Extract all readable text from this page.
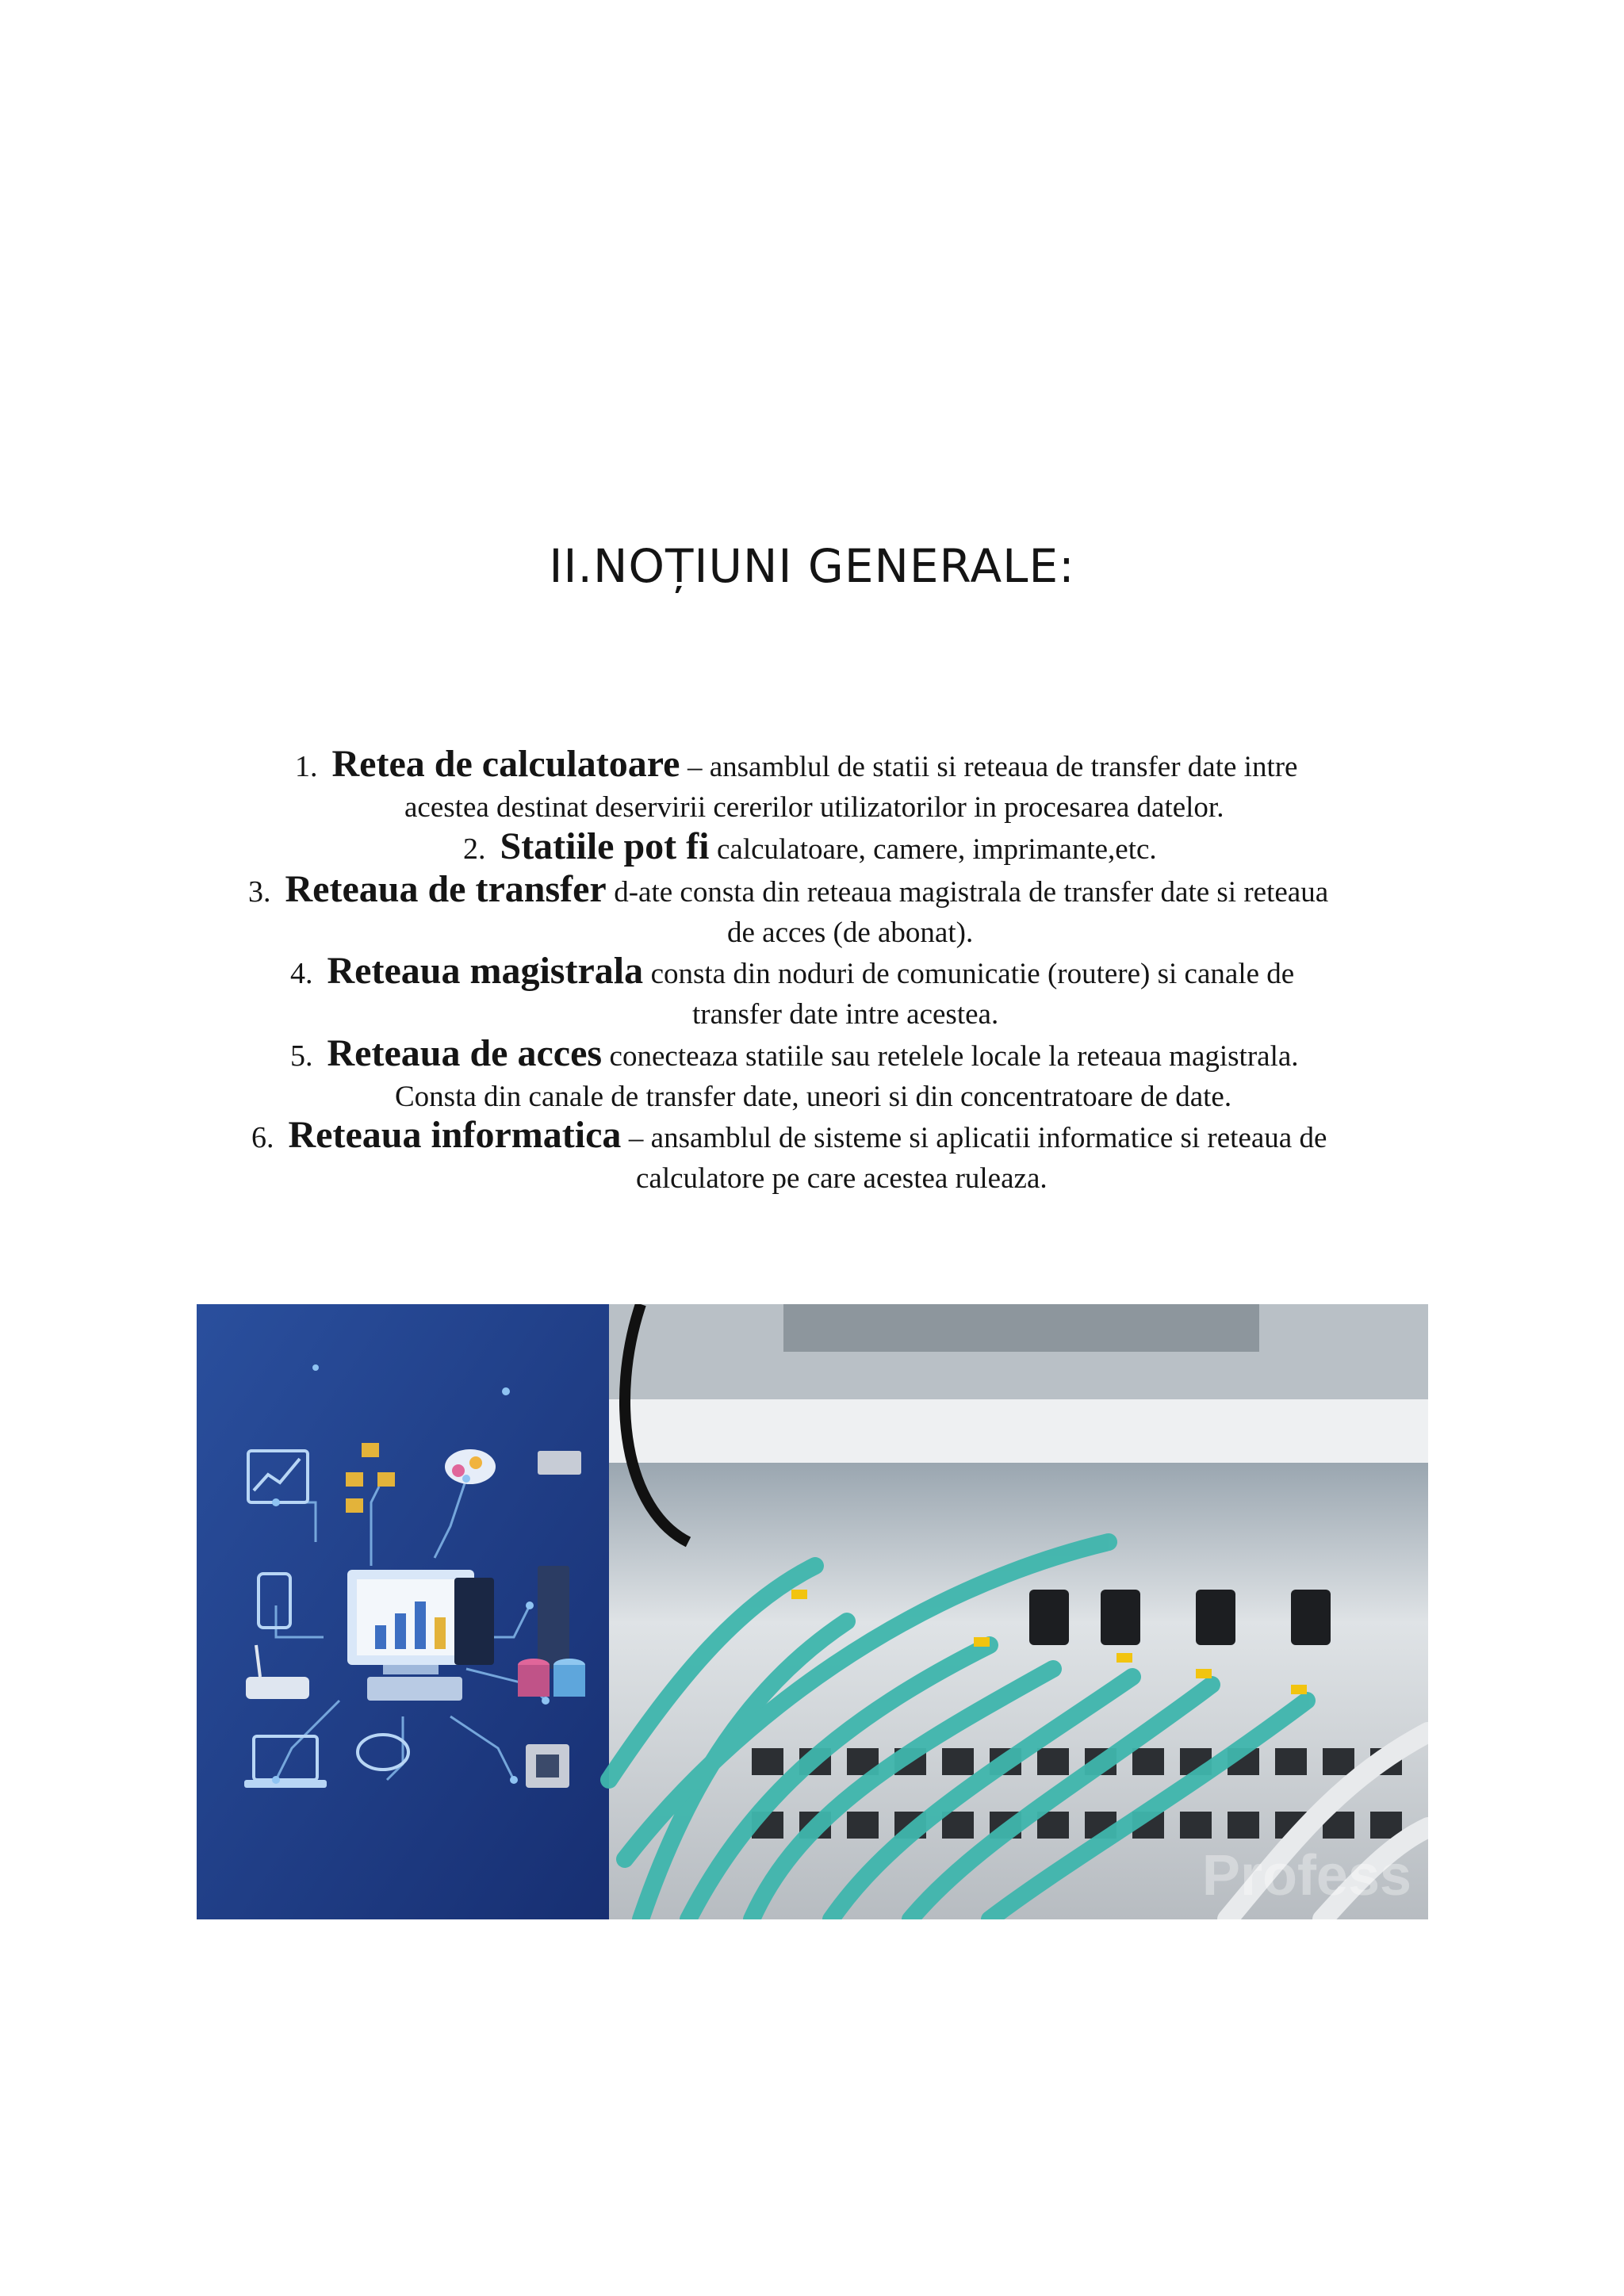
II.NOȚIUNI GENERALE:
1. Retea de calculatoare – ansamblul de statii si reteaua de transfer date intre
acestea destinat deservirii cererilor utilizatorilor in procesarea datelor.
2. Statiile pot fi calculatoare, camere, imprimante,etc.
3. Reteaua de transfer d-ate consta din reteaua magistrala de transfer date si reteaua
de acces (de abonat).
4. Reteaua magistrala consta din noduri de comunicatie (routere) si canale de
transfer date intre acestea.
5. Reteaua de acces conecteaza statiile sau retelele locale la reteaua magistrala.
Consta din canale de transfer date, uneori si din concentratoare de date.
6. Reteaua informatica – ansamblul de sisteme si aplicatii informatice si reteaua de
calculatore pe care acestea ruleaza.
Profess
